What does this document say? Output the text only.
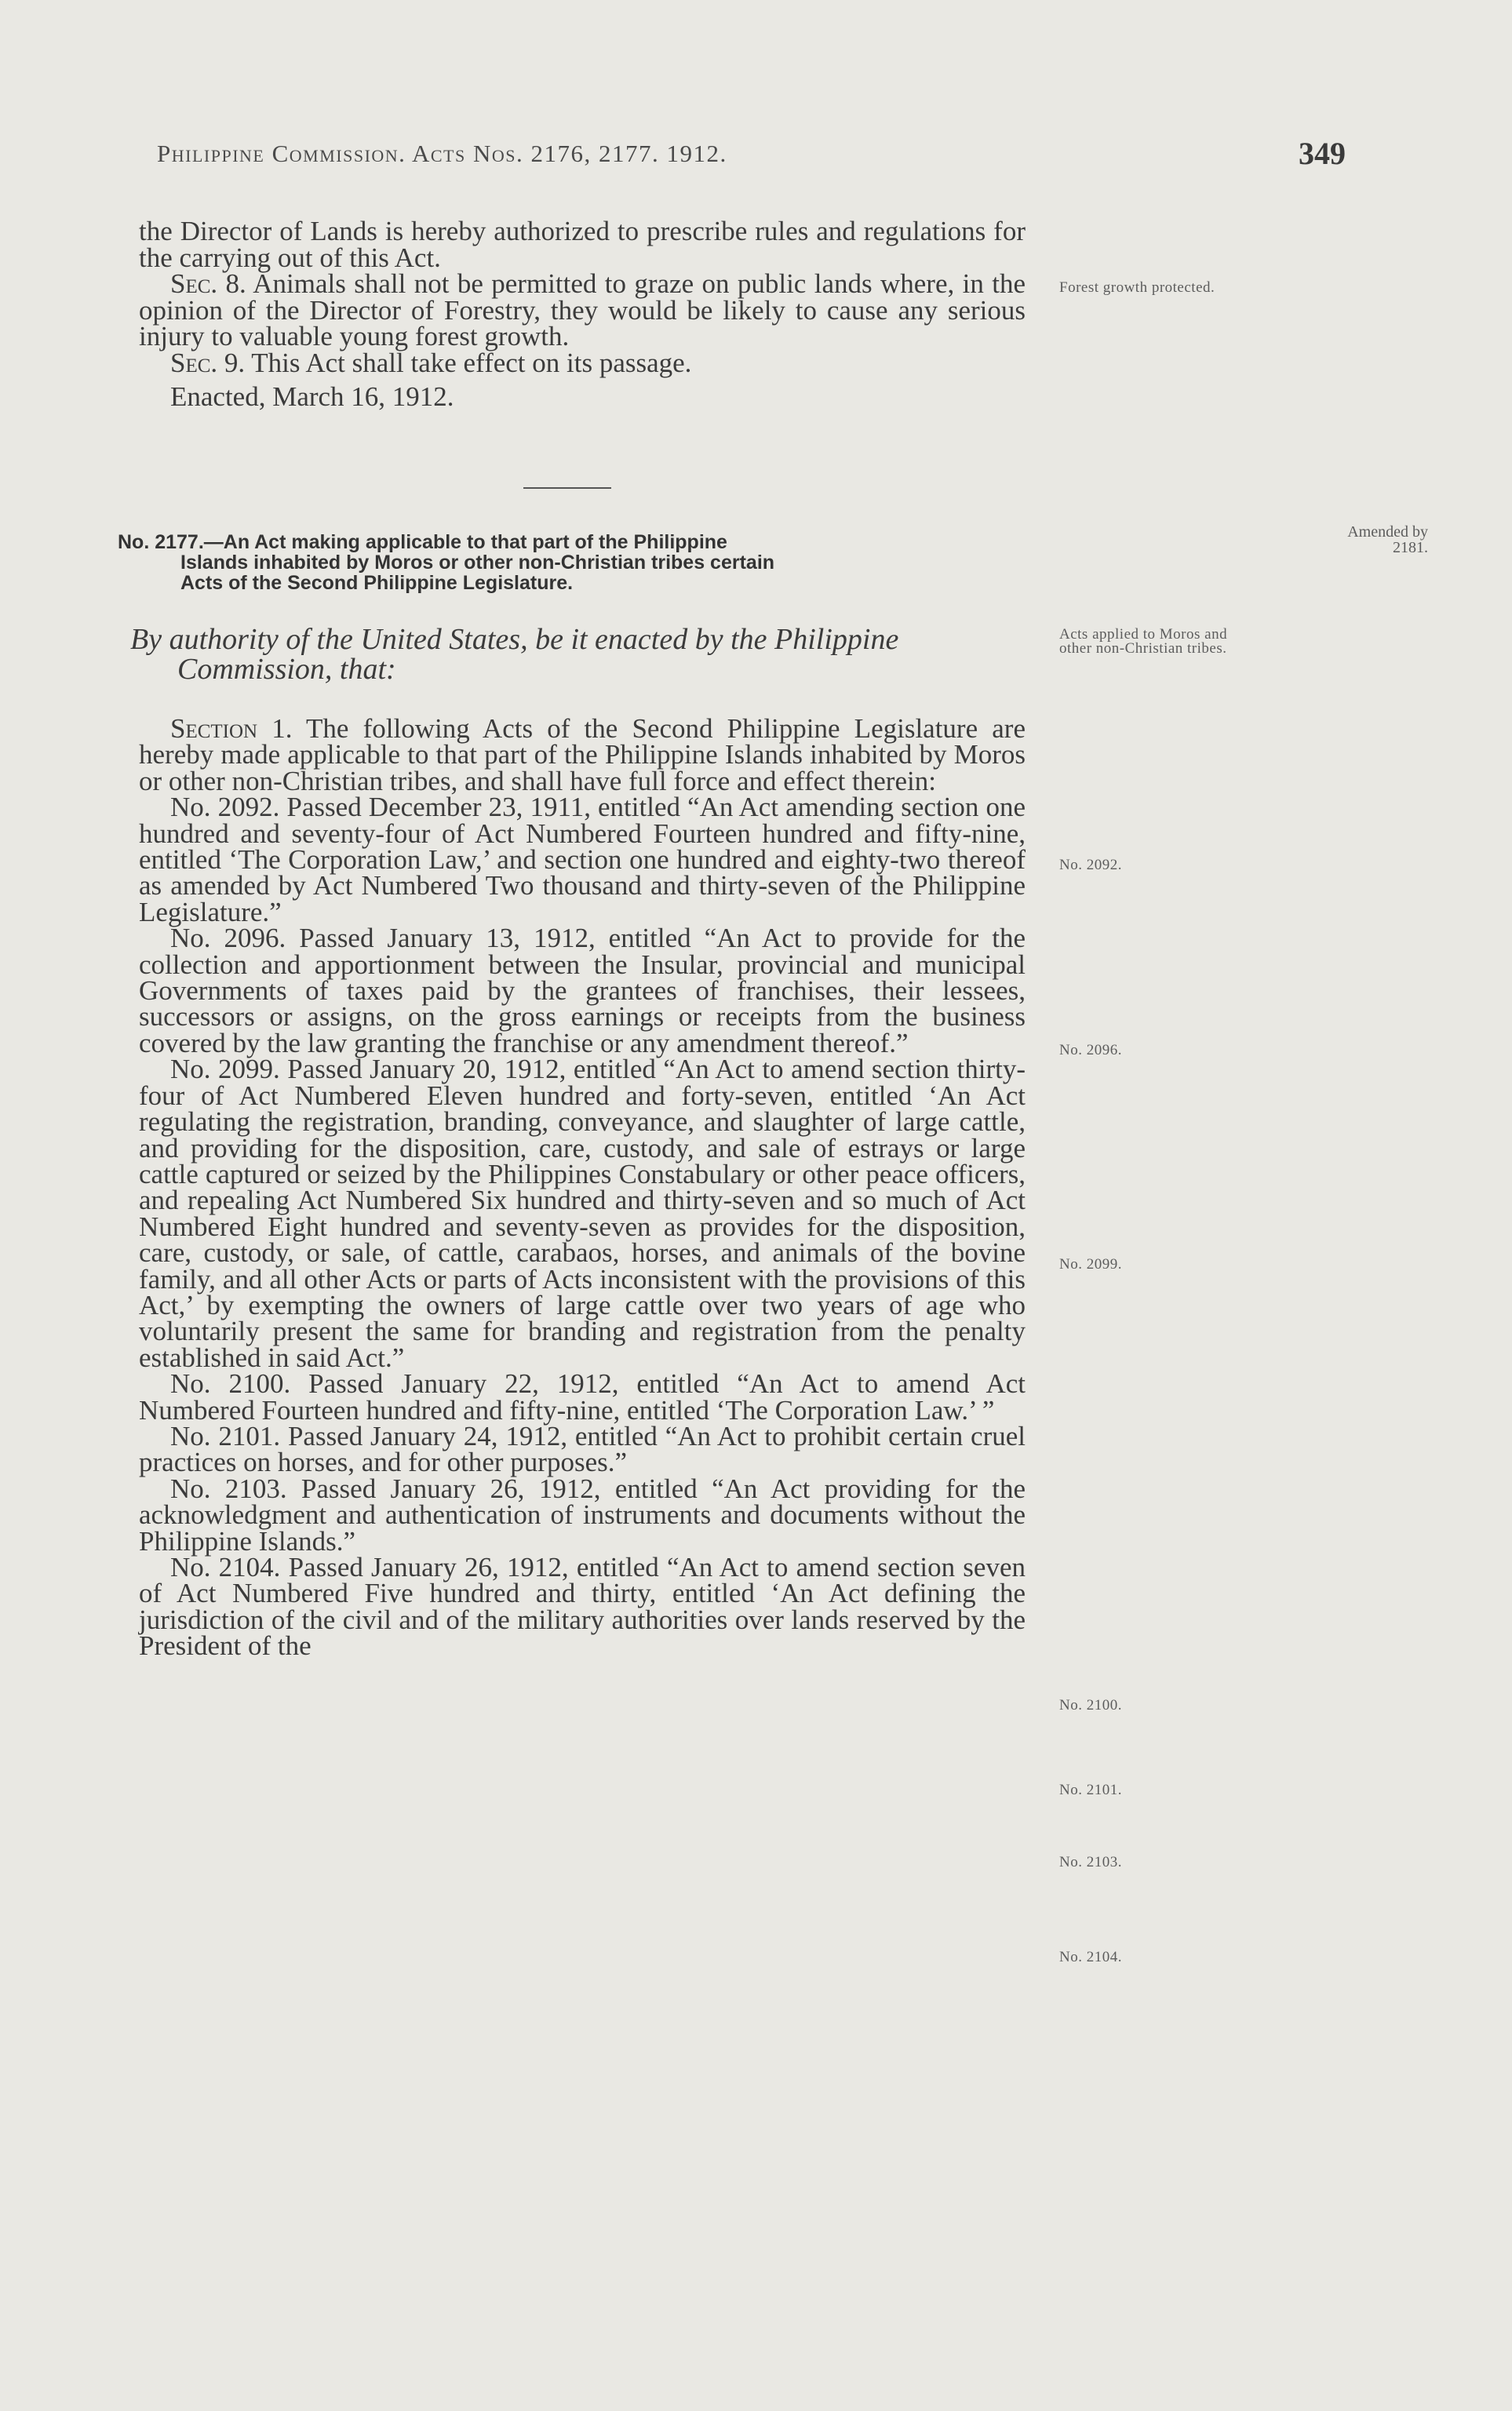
Philippine Commission. Acts Nos. 2176, 2177. 1912.	349

the Director of Lands is hereby authorized to prescribe rules and regulations for the carrying out of this Act.

Sec. 8. Animals shall not be permitted to graze on public lands where, in the opinion of the Director of Forestry, they would be likely to cause any serious injury to valuable young forest growth.

Sec. 9. This Act shall take effect on its passage.

Enacted, March 16, 1912.

Forest growth protected.
Amended by 2181.
No. 2177.—An Act making applicable to that part of the Philippine
Islands inhabited by Moros or other non-Christian tribes certain
Acts of the Second Philippine Legislature.
By authority of the United States, be it enacted by the Philippine
Commission, that:
Acts applied to Moros and other non-Christian tribes.

Section 1. The following Acts of the Second Philippine Legislature are hereby made applicable to that part of the Philippine Islands inhabited by Moros or other non-Christian tribes, and shall have full force and effect therein:

No. 2092. Passed December 23, 1911, entitled “An Act amending section one hundred and seventy-four of Act Numbered Fourteen hundred and fifty-nine, entitled ‘The Corporation Law,’ and section one hundred and eighty-two thereof as amended by Act Numbered Two thousand and thirty-seven of the Philippine Legislature.”

No. 2096. Passed January 13, 1912, entitled “An Act to provide for the collection and apportionment between the Insular, provincial and municipal Governments of taxes paid by the grantees of franchises, their lessees, successors or assigns, on the gross earnings or receipts from the business covered by the law granting the franchise or any amendment thereof.”

No. 2099. Passed January 20, 1912, entitled “An Act to amend section thirty-four of Act Numbered Eleven hundred and forty-seven, entitled ‘An Act regulating the registration, branding, conveyance, and slaughter of large cattle, and providing for the disposition, care, custody, and sale of estrays or large cattle captured or seized by the Philippines Constabulary or other peace officers, and repealing Act Numbered Six hundred and thirty-seven and so much of Act Numbered Eight hundred and seventy-seven as provides for the disposition, care, custody, or sale, of cattle, carabaos, horses, and animals of the bovine family, and all other Acts or parts of Acts inconsistent with the provisions of this Act,’ by exempting the owners of large cattle over two years of age who voluntarily present the same for branding and registration from the penalty established in said Act.”

No. 2100. Passed January 22, 1912, entitled “An Act to amend Act Numbered Fourteen hundred and fifty-nine, entitled ‘The Corporation Law.’ ”

No. 2101. Passed January 24, 1912, entitled “An Act to prohibit certain cruel practices on horses, and for other purposes.”

No. 2103. Passed January 26, 1912, entitled “An Act providing for the acknowledgment and authentication of instruments and documents without the Philippine Islands.”

No. 2104. Passed January 26, 1912, entitled “An Act to amend section seven of Act Numbered Five hundred and thirty, entitled ‘An Act defining the jurisdiction of the civil and of the military authorities over lands reserved by the President of the

No. 2092.
No. 2096.
No. 2099.
No. 2100.
No. 2101.
No. 2103.
No. 2104.
